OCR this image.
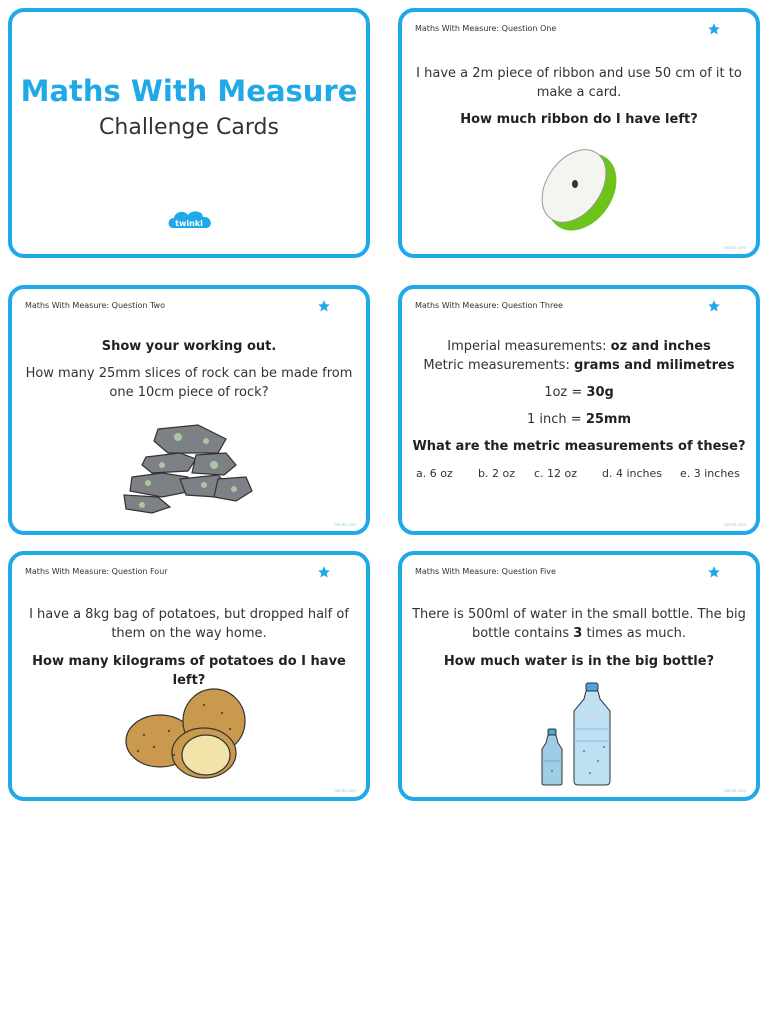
Maths With Measure
Challenge Cards
twinkl
Maths With Measure: Question One
I have a 2m piece of ribbon and use 50 cm of it to make a card.
How much ribbon do I have left?
twinkl.com
Maths With Measure: Question Two
Show your working out.
How many 25mm slices of rock can be made from one 10cm piece of rock?
twinkl.com
Maths With Measure: Question Three
Imperial measurements: oz and inches
Metric measurements: grams and milimetres
1oz = 30g
1 inch = 25mm
What are the metric measurements of these?
a. 6 oz b. 2 oz c. 12 oz d. 4 inches e. 3 inches
twinkl.com
Maths With Measure: Question Four
I have a 8kg bag of potatoes, but dropped half of them on the way home.
How many kilograms of potatoes do I have left?
twinkl.com
Maths With Measure: Question Five
There is 500ml of water in the small bottle. The big bottle contains 3 times as much.
How much water is in the big bottle?
twinkl.com
